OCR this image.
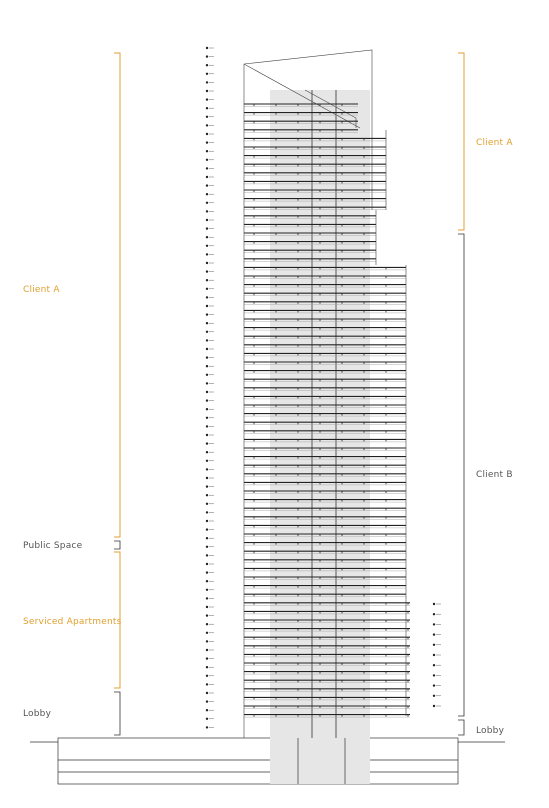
Client A
Public Space
Serviced Apartments
Lobby
Client A
Client B
Lobby
